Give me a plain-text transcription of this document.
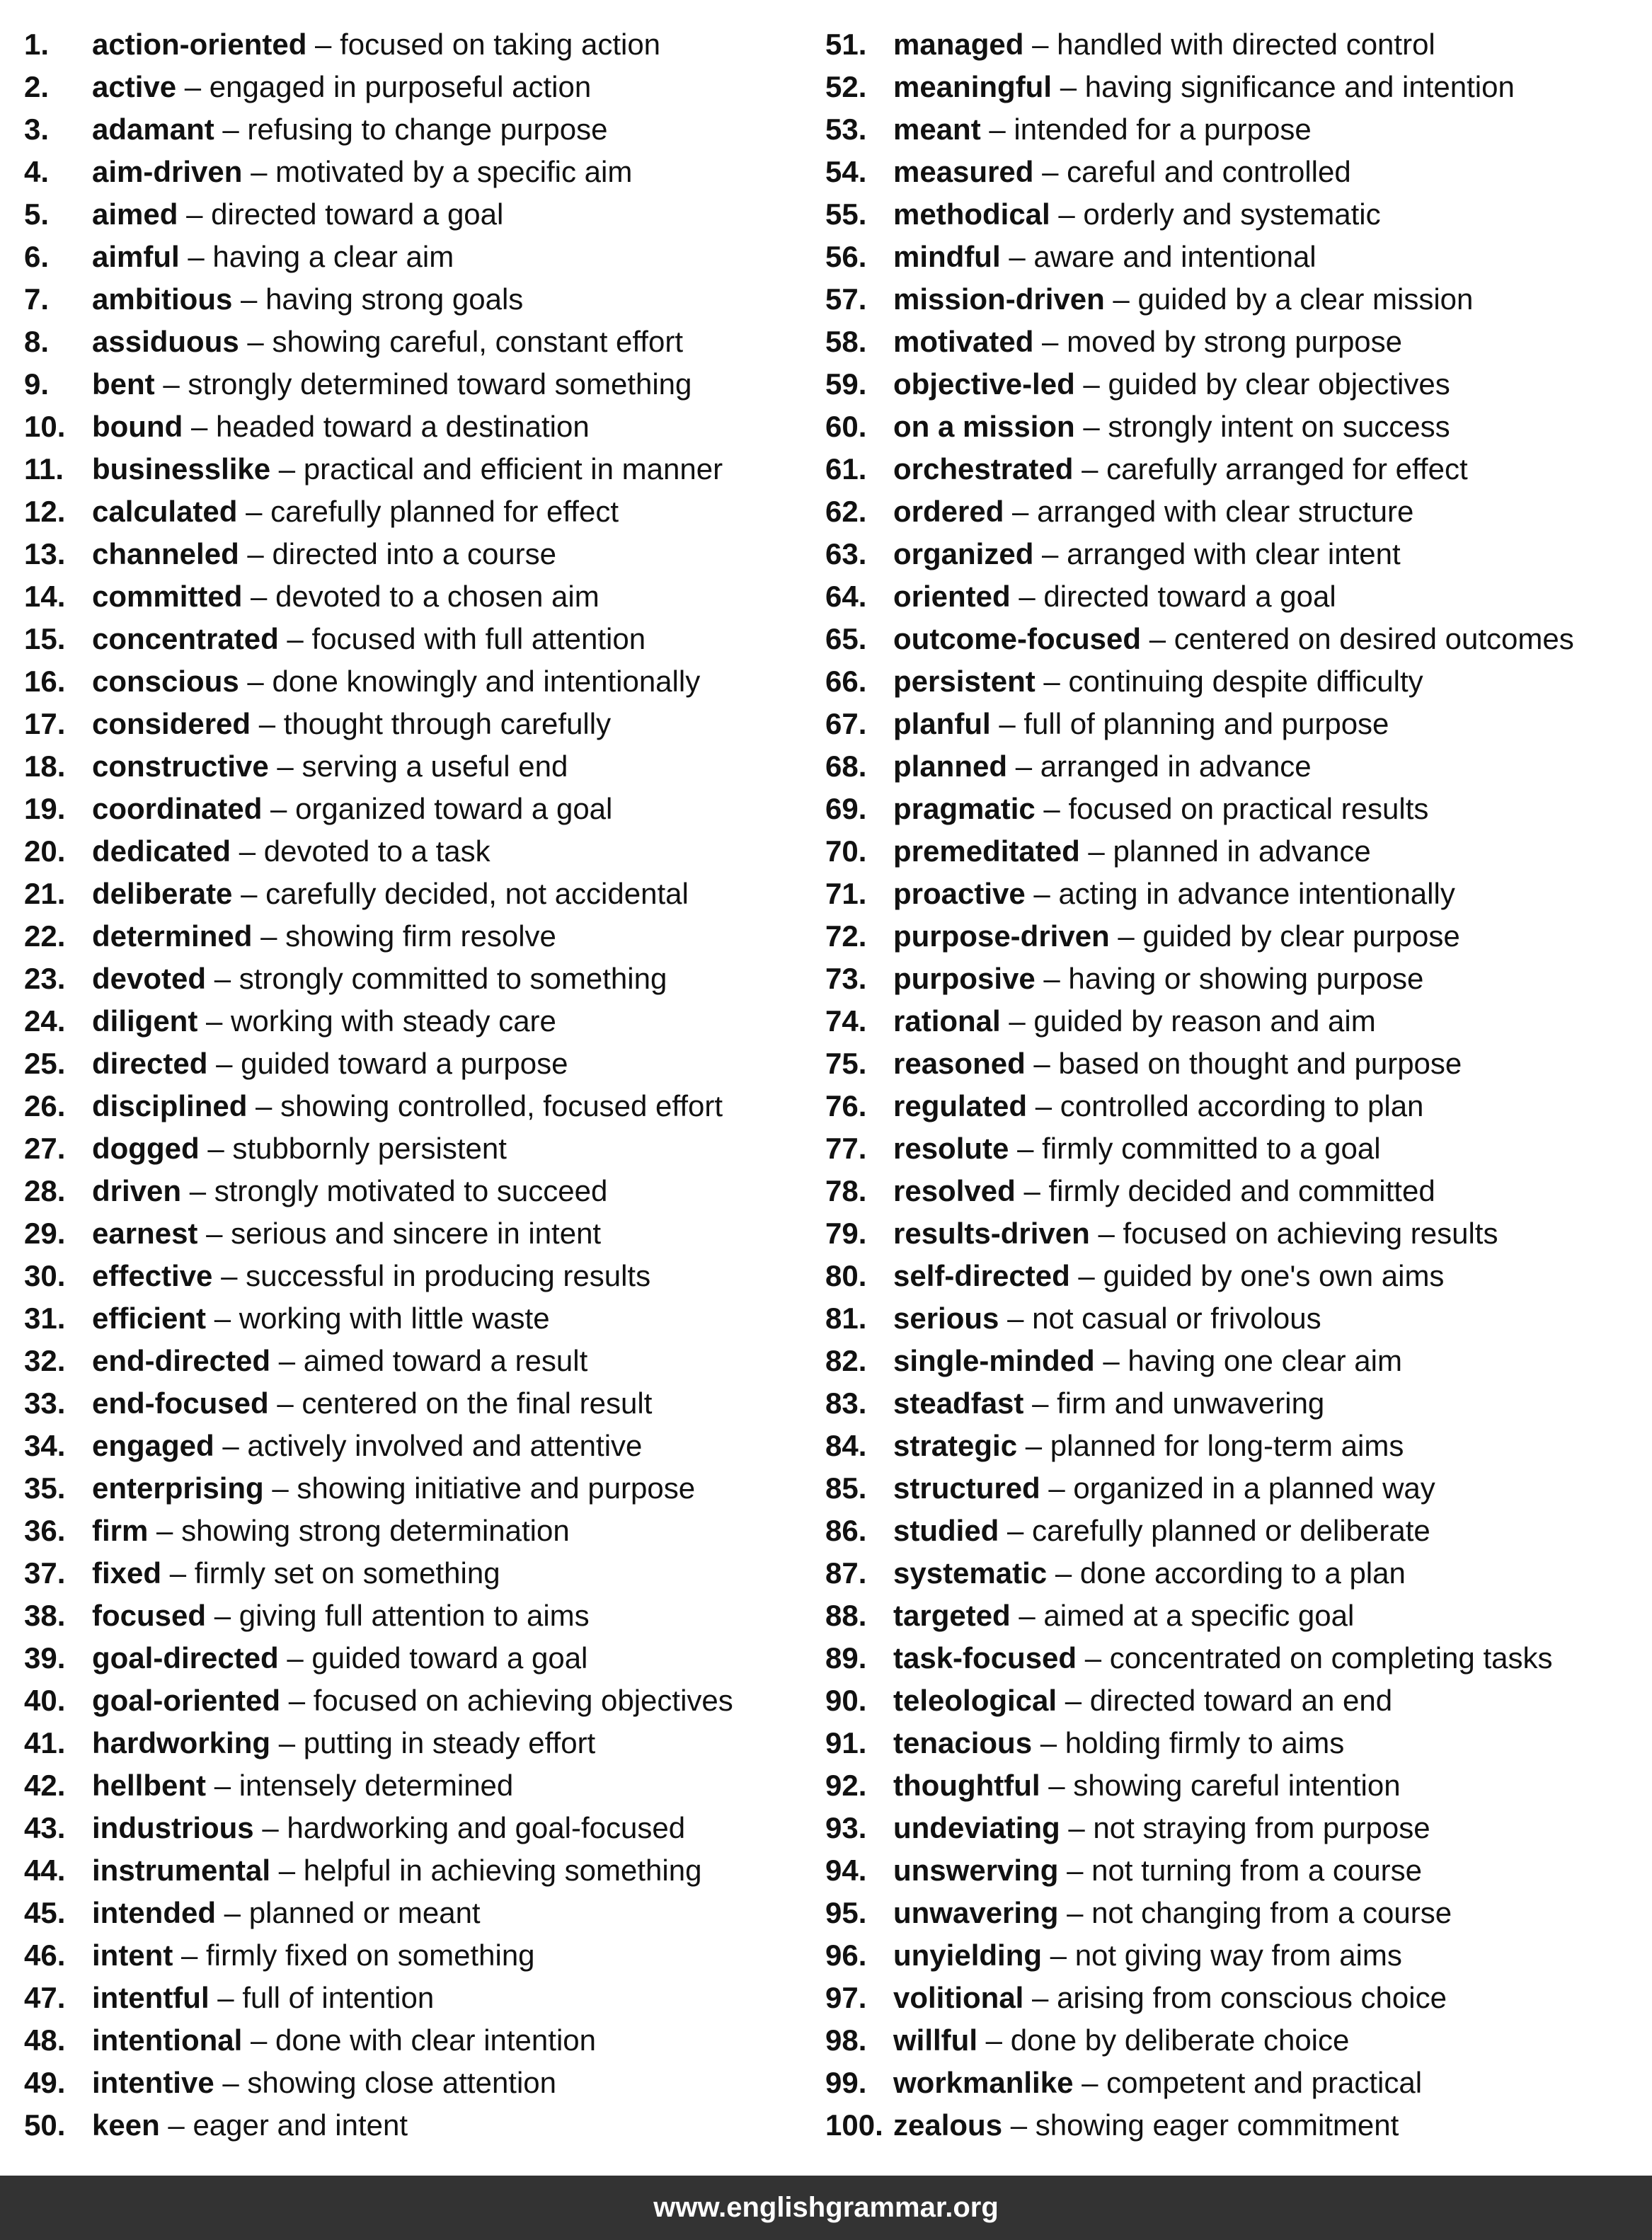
1. action-oriented – focused on taking action
2. active – engaged in purposeful action
3. adamant – refusing to change purpose
4. aim-driven – motivated by a specific aim
5. aimed – directed toward a goal
6. aimful – having a clear aim
7. ambitious – having strong goals
8. assiduous – showing careful, constant effort
9. bent – strongly determined toward something
10. bound – headed toward a destination
11. businesslike – practical and efficient in manner
12. calculated – carefully planned for effect
13. channeled – directed into a course
14. committed – devoted to a chosen aim
15. concentrated – focused with full attention
16. conscious – done knowingly and intentionally
17. considered – thought through carefully
18. constructive – serving a useful end
19. coordinated – organized toward a goal
20. dedicated – devoted to a task
21. deliberate – carefully decided, not accidental
22. determined – showing firm resolve
23. devoted – strongly committed to something
24. diligent – working with steady care
25. directed – guided toward a purpose
26. disciplined – showing controlled, focused effort
27. dogged – stubbornly persistent
28. driven – strongly motivated to succeed
29. earnest – serious and sincere in intent
30. effective – successful in producing results
31. efficient – working with little waste
32. end-directed – aimed toward a result
33. end-focused – centered on the final result
34. engaged – actively involved and attentive
35. enterprising – showing initiative and purpose
36. firm – showing strong determination
37. fixed – firmly set on something
38. focused – giving full attention to aims
39. goal-directed – guided toward a goal
40. goal-oriented – focused on achieving objectives
41. hardworking – putting in steady effort
42. hellbent – intensely determined
43. industrious – hardworking and goal-focused
44. instrumental – helpful in achieving something
45. intended – planned or meant
46. intent – firmly fixed on something
47. intentful – full of intention
48. intentional – done with clear intention
49. intentive – showing close attention
50. keen – eager and intent
51. managed – handled with directed control
52. meaningful – having significance and intention
53. meant – intended for a purpose
54. measured – careful and controlled
55. methodical – orderly and systematic
56. mindful – aware and intentional
57. mission-driven – guided by a clear mission
58. motivated – moved by strong purpose
59. objective-led – guided by clear objectives
60. on a mission – strongly intent on success
61. orchestrated – carefully arranged for effect
62. ordered – arranged with clear structure
63. organized – arranged with clear intent
64. oriented – directed toward a goal
65. outcome-focused – centered on desired outcomes
66. persistent – continuing despite difficulty
67. planful – full of planning and purpose
68. planned – arranged in advance
69. pragmatic – focused on practical results
70. premeditated – planned in advance
71. proactive – acting in advance intentionally
72. purpose-driven – guided by clear purpose
73. purposive – having or showing purpose
74. rational – guided by reason and aim
75. reasoned – based on thought and purpose
76. regulated – controlled according to plan
77. resolute – firmly committed to a goal
78. resolved – firmly decided and committed
79. results-driven – focused on achieving results
80. self-directed – guided by one's own aims
81. serious – not casual or frivolous
82. single-minded – having one clear aim
83. steadfast – firm and unwavering
84. strategic – planned for long-term aims
85. structured – organized in a planned way
86. studied – carefully planned or deliberate
87. systematic – done according to a plan
88. targeted – aimed at a specific goal
89. task-focused – concentrated on completing tasks
90. teleological – directed toward an end
91. tenacious – holding firmly to aims
92. thoughtful – showing careful intention
93. undeviating – not straying from purpose
94. unswerving – not turning from a course
95. unwavering – not changing from a course
96. unyielding – not giving way from aims
97. volitional – arising from conscious choice
98. willful – done by deliberate choice
99. workmanlike – competent and practical
100. zealous – showing eager commitment
www.englishgrammar.org
